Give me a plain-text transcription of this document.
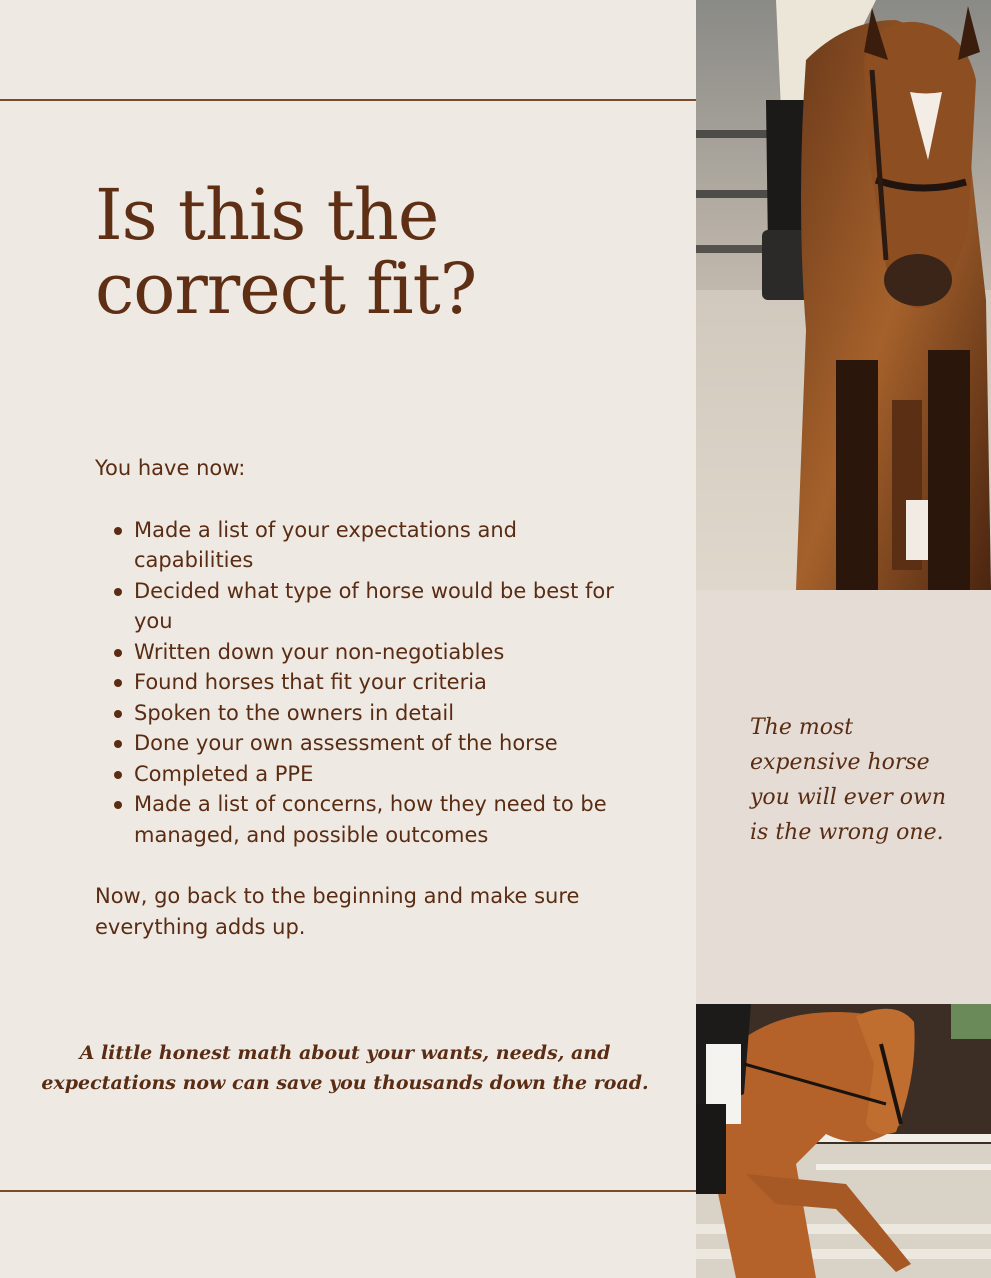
Is this the
correct fit?

You have now:

Made a list of your expectations and capabilities
Decided what type of horse would be best for you
Written down your non-negotiables
Found horses that fit your criteria
Spoken to the owners in detail
Done your own assessment of the horse
Completed a PPE
Made a list of concerns, how they need to be managed, and possible outcomes

Now, go back to the beginning and make sure everything adds up.

A little honest math about your wants, needs, and expectations now can save you thousands down the road.

The most expensive horse you will ever own is the wrong one.
